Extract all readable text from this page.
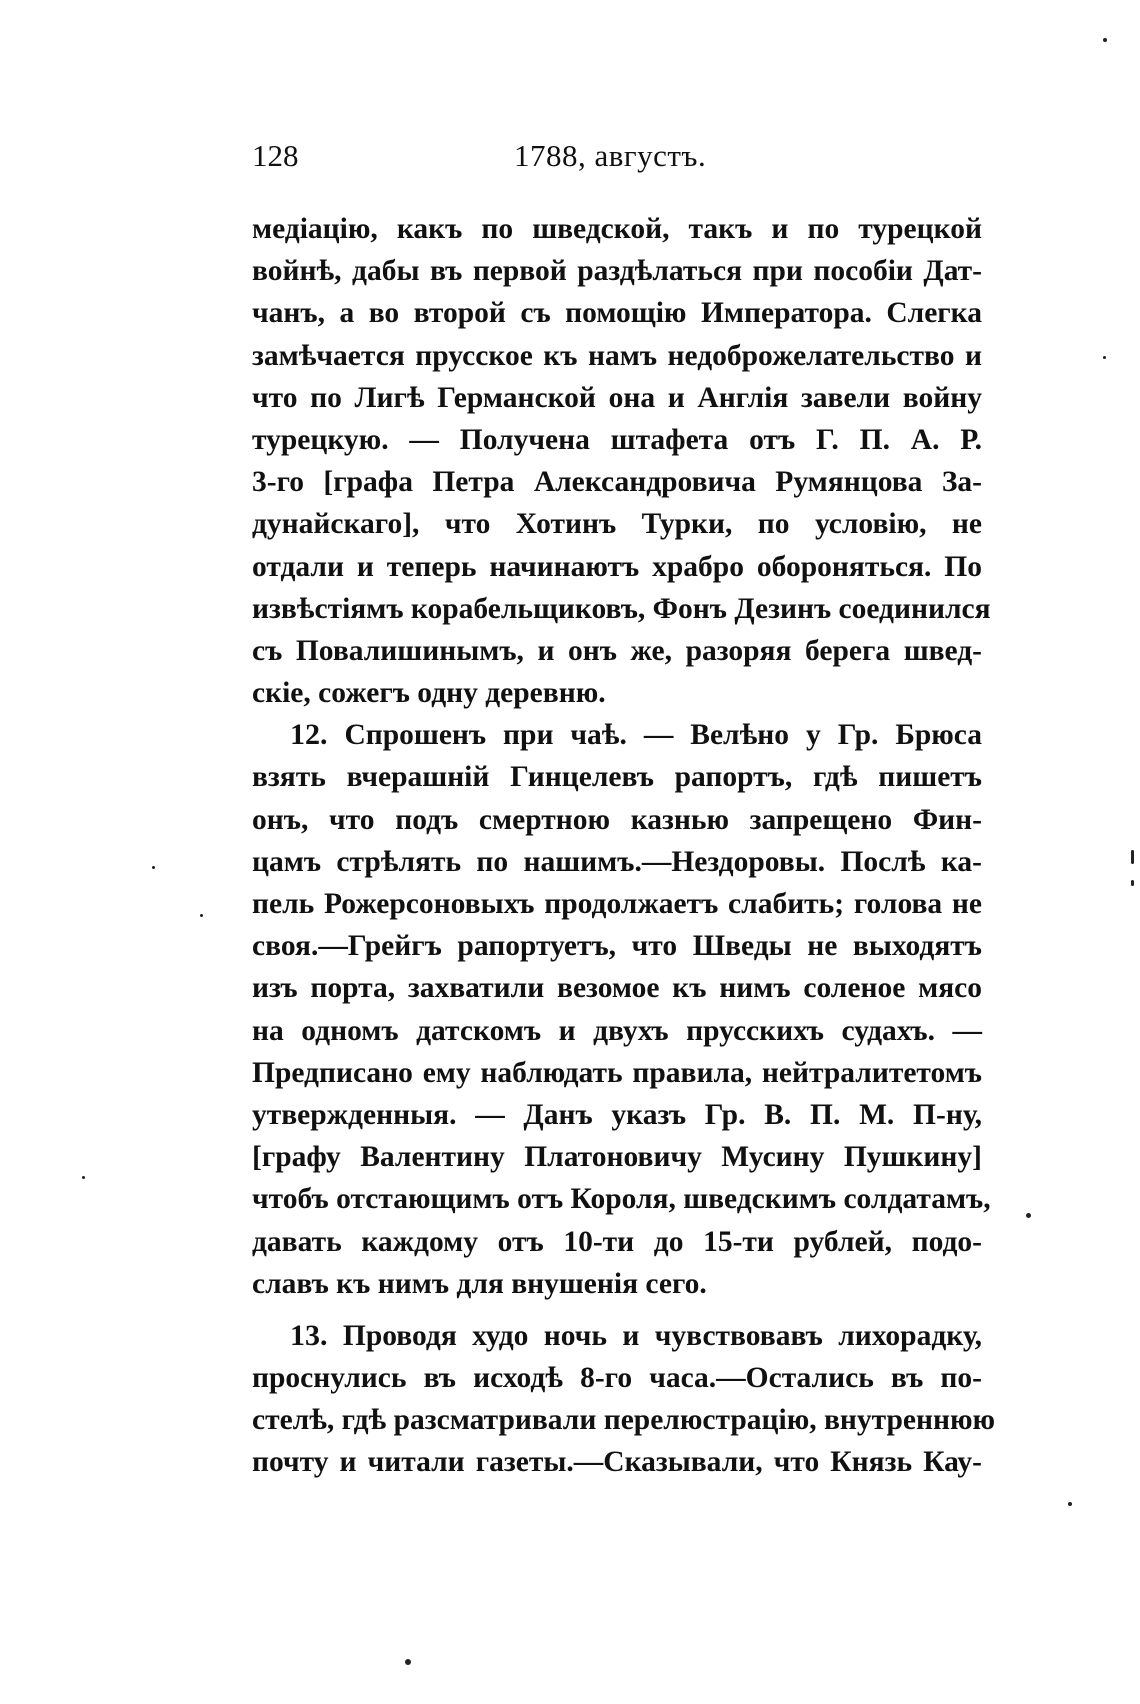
128	1788, августъ.
медіацію, какъ по шведской, такъ и по турецкой
войнѣ, дабы въ первой раздѣлаться при пособіи Дат-
чанъ, а во второй съ помощію Императора. Слегка
замѣчается прусское къ намъ недоброжелательство и
что по Лигѣ Германской она и Англія завели войну
турецкую. — Получена штафета отъ Г. П. А. Р.
3-го [графа Петра Александровича Румянцова За-
дунайскаго], что Хотинъ Турки, по условію, не
отдали и теперь начинаютъ храбро обороняться. По
извѣстіямъ корабельщиковъ, Фонъ Дезинъ соединился
съ Повалишинымъ, и онъ же, разоряя берега швед-
скіе, сожегъ одну деревню.
12. Спрошенъ при чаѣ. — Велѣно у Гр. Брюса
взять вчерашній Гинцелевъ рапортъ, гдѣ пишетъ
онъ, что подъ смертною казнью запрещено Фин-
цамъ стрѣлять по нашимъ.—Нездоровы. Послѣ ка-
пель Рожерсоновыхъ продолжаетъ слабить; голова не
своя.—Грейгъ рапортуетъ, что Шведы не выходятъ
изъ порта, захватили везомое къ нимъ соленое мясо
на одномъ датскомъ и двухъ прусскихъ судахъ. —
Предписано ему наблюдать правила, нейтралитетомъ
утвержденныя. — Данъ указъ Гр. В. П. М. П-ну,
[графу Валентину Платоновичу Мусину Пушкину]
чтобъ отстающимъ отъ Короля, шведскимъ солдатамъ,
давать каждому отъ 10-ти до 15-ти рублей, подо-
славъ къ нимъ для внушенія сего.
13. Проводя худо ночь и чувствовавъ лихорадку,
проснулись въ исходѣ 8-го часа.—Остались въ по-
стелѣ, гдѣ разсматривали перелюстрацію, внутреннюю
почту и читали газеты.—Сказывали, что Князь Кау-
